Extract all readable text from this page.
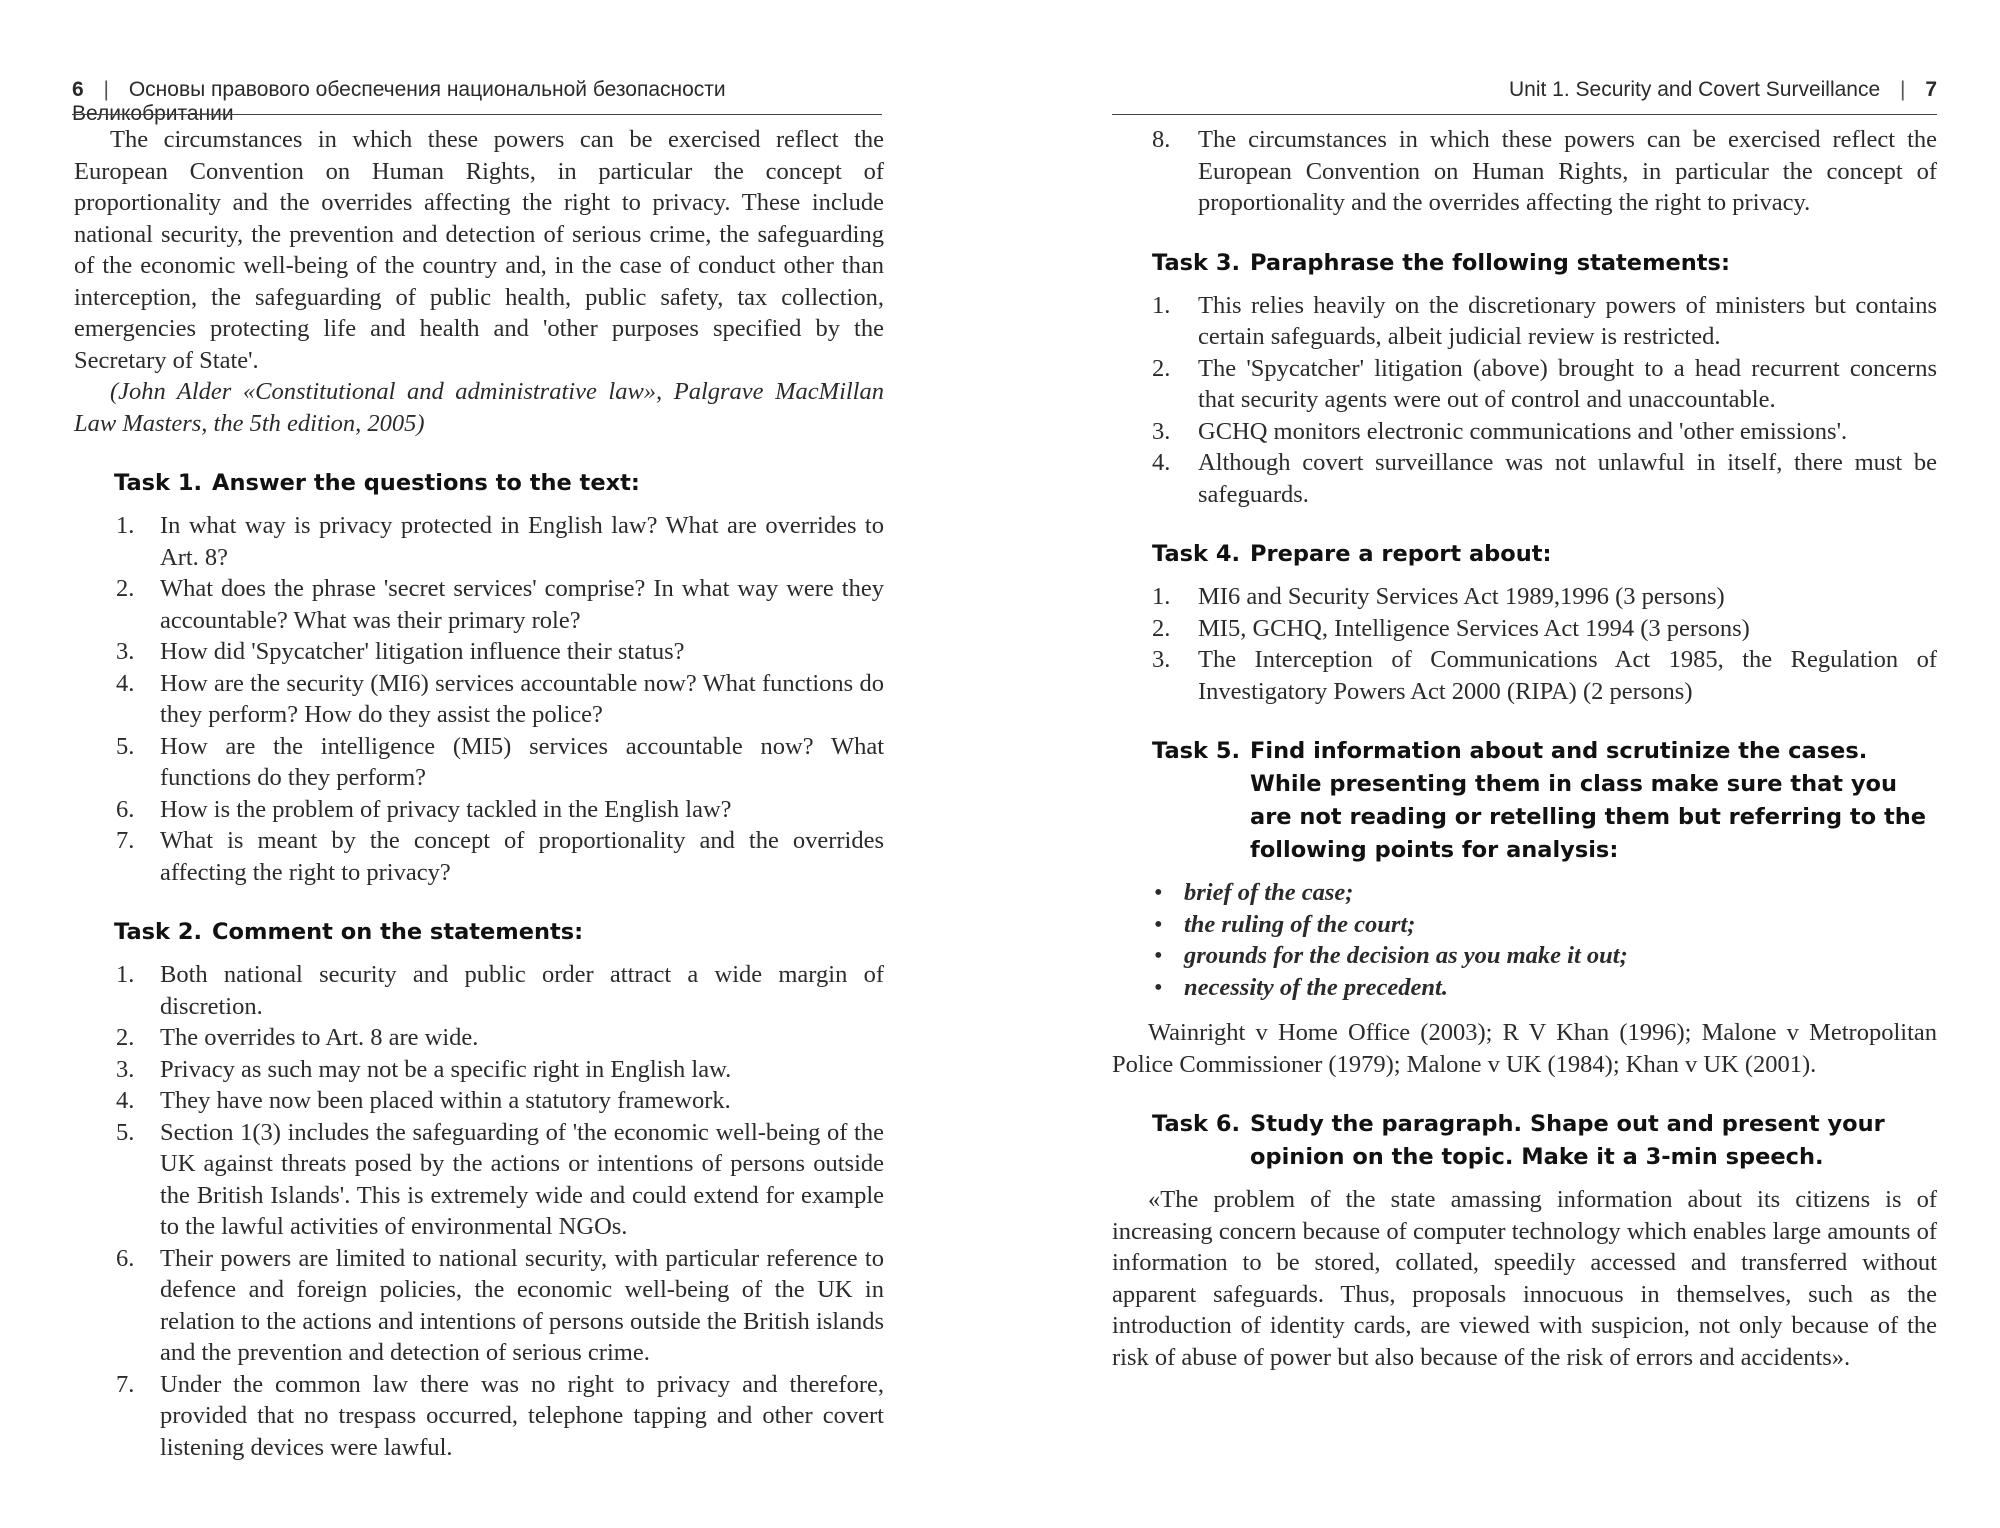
6 | Основы правового обеспечения национальной безопасности Великобритании

The circumstances in which these powers can be exercised reflect the European Convention on Human Rights, in particular the concept of proportionality and the overrides affecting the right to privacy. These include national security, the prevention and detection of serious crime, the safeguarding of the economic well-being of the country and, in the case of conduct other than interception, the safeguarding of public health, public safety, tax collection, emergencies protecting life and health and 'other purposes specified by the Secretary of State'.

(John Alder «Constitutional and administrative law», Palgrave MacMillan Law Masters, the 5th edition, 2005)

Task 1. Answer the questions to the text:
1.	In what way is privacy protected in English law? What are overrides to Art. 8?
2.	What does the phrase 'secret services' comprise? In what way were they accountable? What was their primary role?
3.	How did 'Spycatcher' litigation influence their status?
4.	How are the security (MI6) services accountable now? What functions do they perform? How do they assist the police?
5.	How are the intelligence (MI5) services accountable now? What functions do they perform?
6.	How is the problem of privacy tackled in the English law?
7.	What is meant by the concept of proportionality and the overrides affecting the right to privacy?
Task 2. Comment on the statements:
1.	Both national security and public order attract a wide margin of discretion.
2.	The overrides to Art. 8 are wide.
3.	Privacy as such may not be a specific right in English law.
4.	They have now been placed within a statutory framework.
5.	Section 1(3) includes the safeguarding of 'the economic well-being of the UK against threats posed by the actions or intentions of persons outside the British Islands'. This is extremely wide and could extend for example to the lawful activities of environmental NGOs.
6.	Their powers are limited to national security, with particular reference to defence and foreign policies, the economic well-being of the UK in relation to the actions and intentions of persons outside the British islands and the prevention and detection of serious crime.
7.	Under the common law there was no right to privacy and therefore, provided that no trespass occurred, telephone tapping and other covert listening devices were lawful.
Unit 1. Security and Covert Surveillance | 7
8.	The circumstances in which these powers can be exercised reflect the European Convention on Human Rights, in particular the concept of proportionality and the overrides affecting the right to privacy.
Task 3. Paraphrase the following statements:
1.	This relies heavily on the discretionary powers of ministers but contains certain safeguards, albeit judicial review is restricted.
2.	The 'Spycatcher' litigation (above) brought to a head recurrent concerns that security agents were out of control and unaccountable.
3.	GCHQ monitors electronic communications and 'other emissions'.
4.	Although covert surveillance was not unlawful in itself, there must be safeguards.
Task 4. Prepare a report about:
1.	MI6 and Security Services Act 1989,1996 (3 persons)
2.	MI5, GCHQ, Intelligence Services Act 1994 (3 persons)
3.	The Interception of Communications Act 1985, the Regulation of Investigatory Powers Act 2000 (RIPA) (2 persons)
Task 5. Find information about and scrutinize the cases. While presenting them in class make sure that you are not reading or retelling them but referring to the following points for analysis:
• brief of the case;
• the ruling of the court;
• grounds for the decision as you make it out;
• necessity of the precedent.

Wainright v Home Office (2003); R V Khan (1996); Malone v Metropolitan Police Commissioner (1979); Malone v UK (1984); Khan v UK (2001).

Task 6. Study the paragraph. Shape out and present your opinion on the topic. Make it a 3-min speech.

«The problem of the state amassing information about its citizens is of increasing concern because of computer technology which enables large amounts of information to be stored, collated, speedily accessed and transferred without apparent safeguards. Thus, proposals innocuous in themselves, such as the introduction of identity cards, are viewed with suspicion, not only because of the risk of abuse of power but also because of the risk of errors and accidents».
